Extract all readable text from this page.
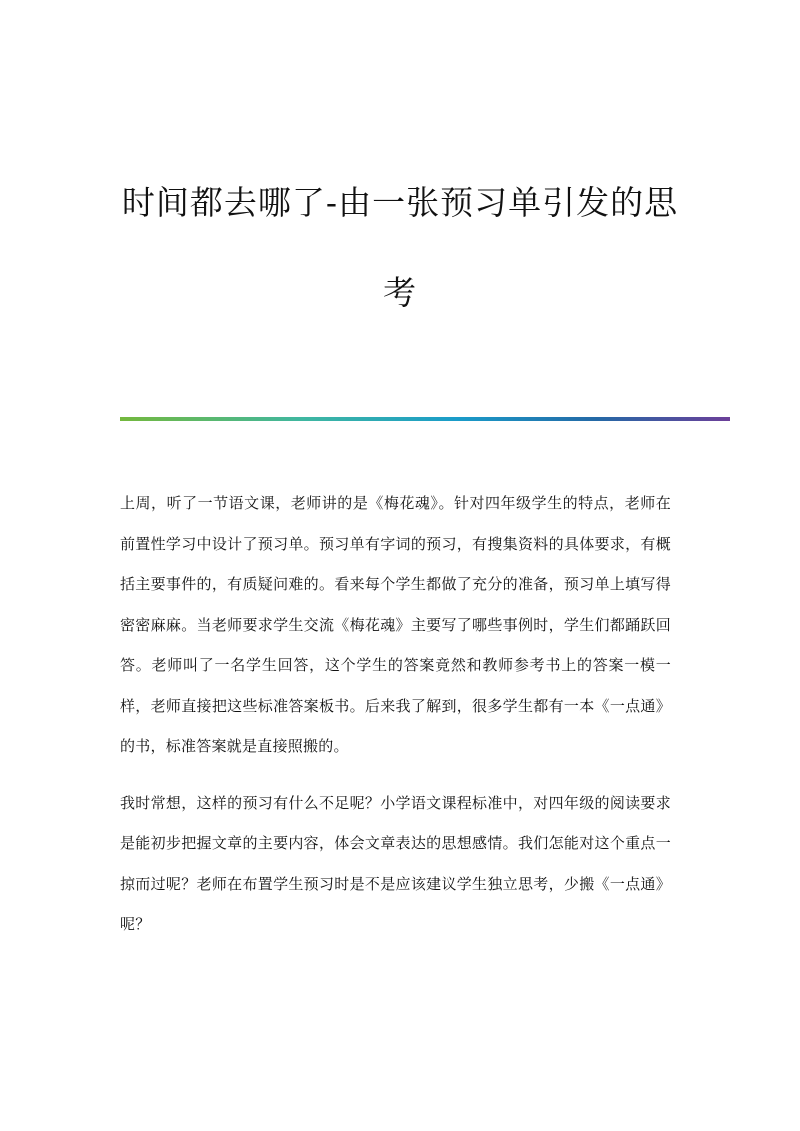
时间都去哪了-由一张预习单引发的思考

上周，听了一节语文课，老师讲的是《梅花魂》。针对四年级学生的特点，老师在前置性学习中设计了预习单。预习单有字词的预习，有搜集资料的具体要求，有概括主要事件的，有质疑问难的。看来每个学生都做了充分的准备，预习单上填写得密密麻麻。当老师要求学生交流《梅花魂》主要写了哪些事例时，学生们都踊跃回答。老师叫了一名学生回答，这个学生的答案竟然和教师参考书上的答案一模一样，老师直接把这些标准答案板书。后来我了解到，很多学生都有一本《一点通》的书，标准答案就是直接照搬的。

我时常想，这样的预习有什么不足呢？小学语文课程标准中，对四年级的阅读要求是能初步把握文章的主要内容，体会文章表达的思想感情。我们怎能对这个重点一掠而过呢？老师在布置学生预习时是不是应该建议学生独立思考，少搬《一点通》呢？
